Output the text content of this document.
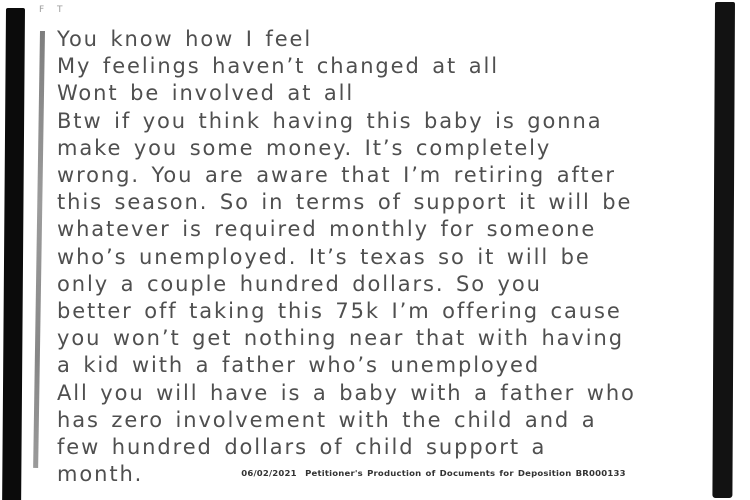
F T
You know how I feel
My feelings haven’t changed at all
Wont be involved at all
Btw if you think having this baby is gonna
make you some money. It’s completely
wrong. You are aware that I’m retiring after
this season. So in terms of support it will be
whatever is required monthly for someone
who’s unemployed. It’s texas so it will be
only a couple hundred dollars. So you
better off taking this 75k I’m offering cause
you won’t get nothing near that with having
a kid with a father who’s unemployed
All you will have is a baby with a father who
has zero involvement with the child and a
few hundred dollars of child support a
month.	06/02/2021  Petitioner's Production of Documents for Deposition BR000133
